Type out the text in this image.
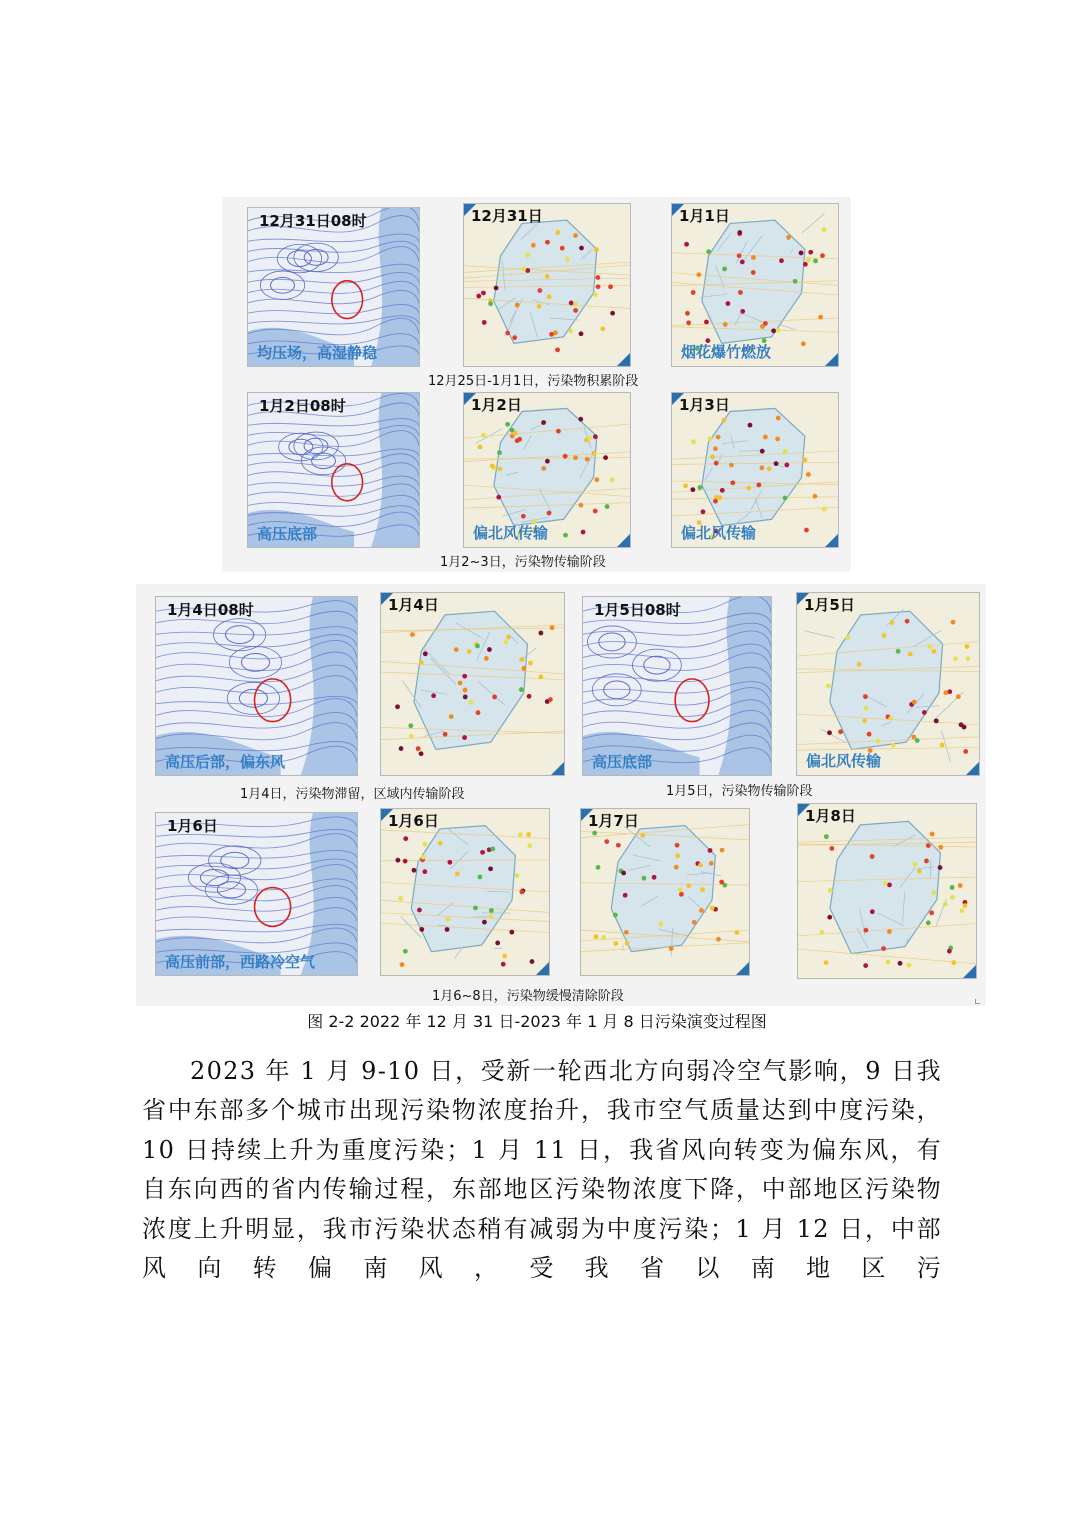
12月31日08时
均压场，高湿静稳
12月31日	1月1日
烟花爆竹燃放
12月25日-1月1日，污染物积累阶段
1月2日08时
高压底部
1月2日
偏北风传输
1月3日
偏北风传输
1月2~3日，污染物传输阶段
1月4日08时
高压后部，偏东风
1月4日
1月4日，污染物滞留，区域内传输阶段
1月5日08时
高压底部
1月5日
偏北风传输
1月5日，污染物传输阶段
1月6日
高压前部，西路冷空气
1月6日	1月7日	1月8日
1月6~8日，污染物缓慢清除阶段
图 2-2 2022 年 12 月 31 日-2023 年 1 月 8 日污染演变过程图

2023 年 1 月 9-10 日，受新一轮西北方向弱冷空气影响，9 日我省中东部多个城市出现污染物浓度抬升，我市空气质量达到中度污染，10 日持续上升为重度污染；1 月 11 日，我省风向转变为偏东风，有自东向西的省内传输过程，东部地区污染物浓度下降，中部地区污染物浓度上升明显，我市污染状态稍有减弱为中度污染；1 月 12 日，中部风向转偏南风，受我省以南地区污
